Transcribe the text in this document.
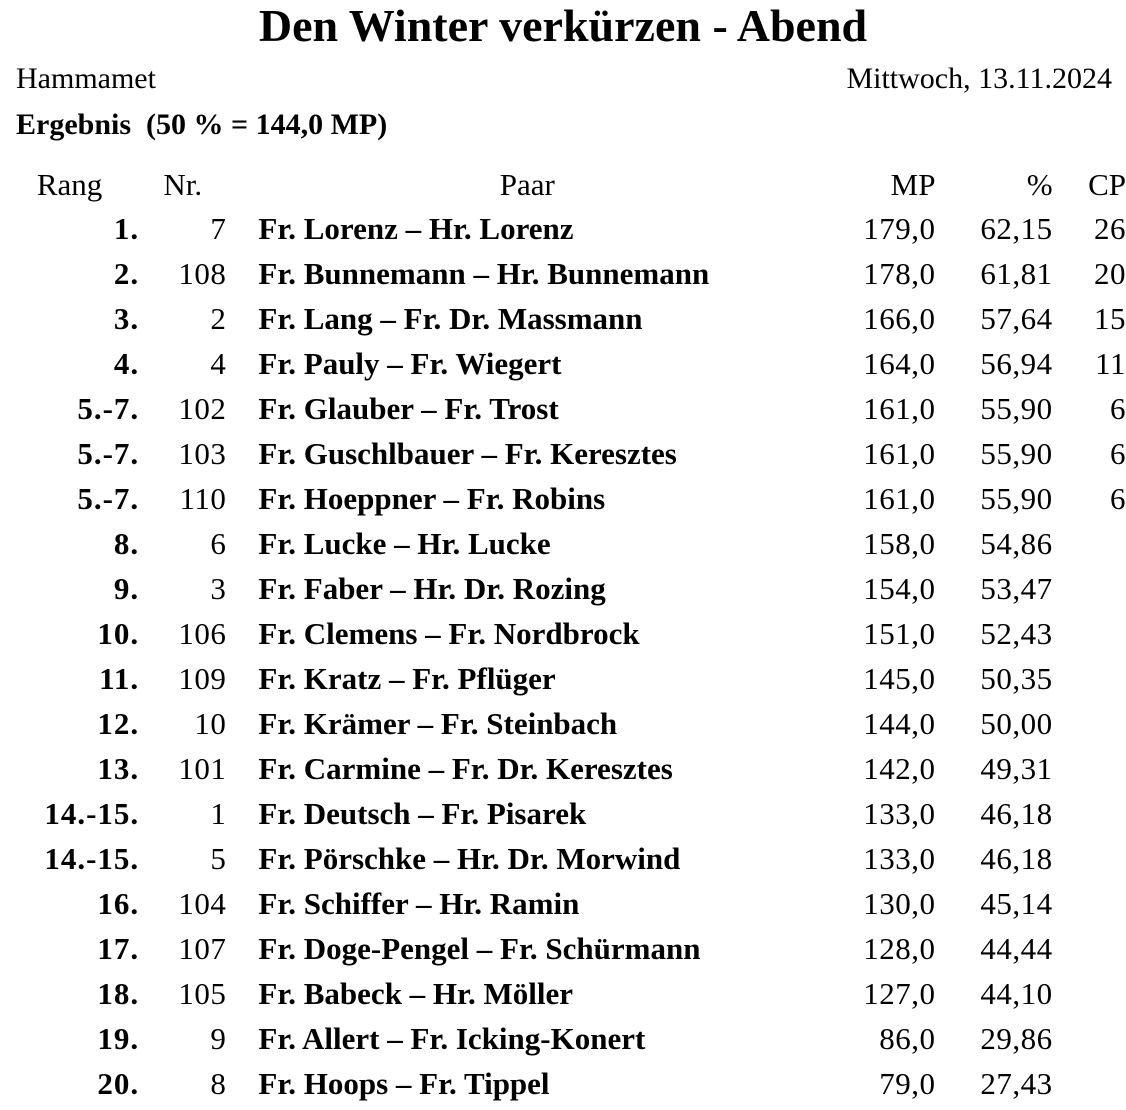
Den Winter verkürzen - Abend
Hammamet	Mittwoch, 13.11.2024
Ergebnis (50 % = 144,0 MP)
Rang	Nr.	Paar	MP	%	CP
1.	7	Fr. Lorenz – Hr. Lorenz	179,0	62,15	26
2.	108	Fr. Bunnemann – Hr. Bunnemann	178,0	61,81	20
3.	2	Fr. Lang – Fr. Dr. Massmann	166,0	57,64	15
4.	4	Fr. Pauly – Fr. Wiegert	164,0	56,94	11
5.-7.	102	Fr. Glauber – Fr. Trost	161,0	55,90	6
5.-7.	103	Fr. Guschlbauer – Fr. Keresztes	161,0	55,90	6
5.-7.	110	Fr. Hoeppner – Fr. Robins	161,0	55,90	6
8.	6	Fr. Lucke – Hr. Lucke	158,0	54,86	
9.	3	Fr. Faber – Hr. Dr. Rozing	154,0	53,47	
10.	106	Fr. Clemens – Fr. Nordbrock	151,0	52,43	
11.	109	Fr. Kratz – Fr. Pflüger	145,0	50,35	
12.	10	Fr. Krämer – Fr. Steinbach	144,0	50,00	
13.	101	Fr. Carmine – Fr. Dr. Keresztes	142,0	49,31	
14.-15.	1	Fr. Deutsch – Fr. Pisarek	133,0	46,18	
14.-15.	5	Fr. Pörschke – Hr. Dr. Morwind	133,0	46,18	
16.	104	Fr. Schiffer – Hr. Ramin	130,0	45,14	
17.	107	Fr. Doge-Pengel – Fr. Schürmann	128,0	44,44	
18.	105	Fr. Babeck – Hr. Möller	127,0	44,10	
19.	9	Fr. Allert – Fr. Icking-Konert	86,0	29,86	
20.	8	Fr. Hoops – Fr. Tippel	79,0	27,43	
